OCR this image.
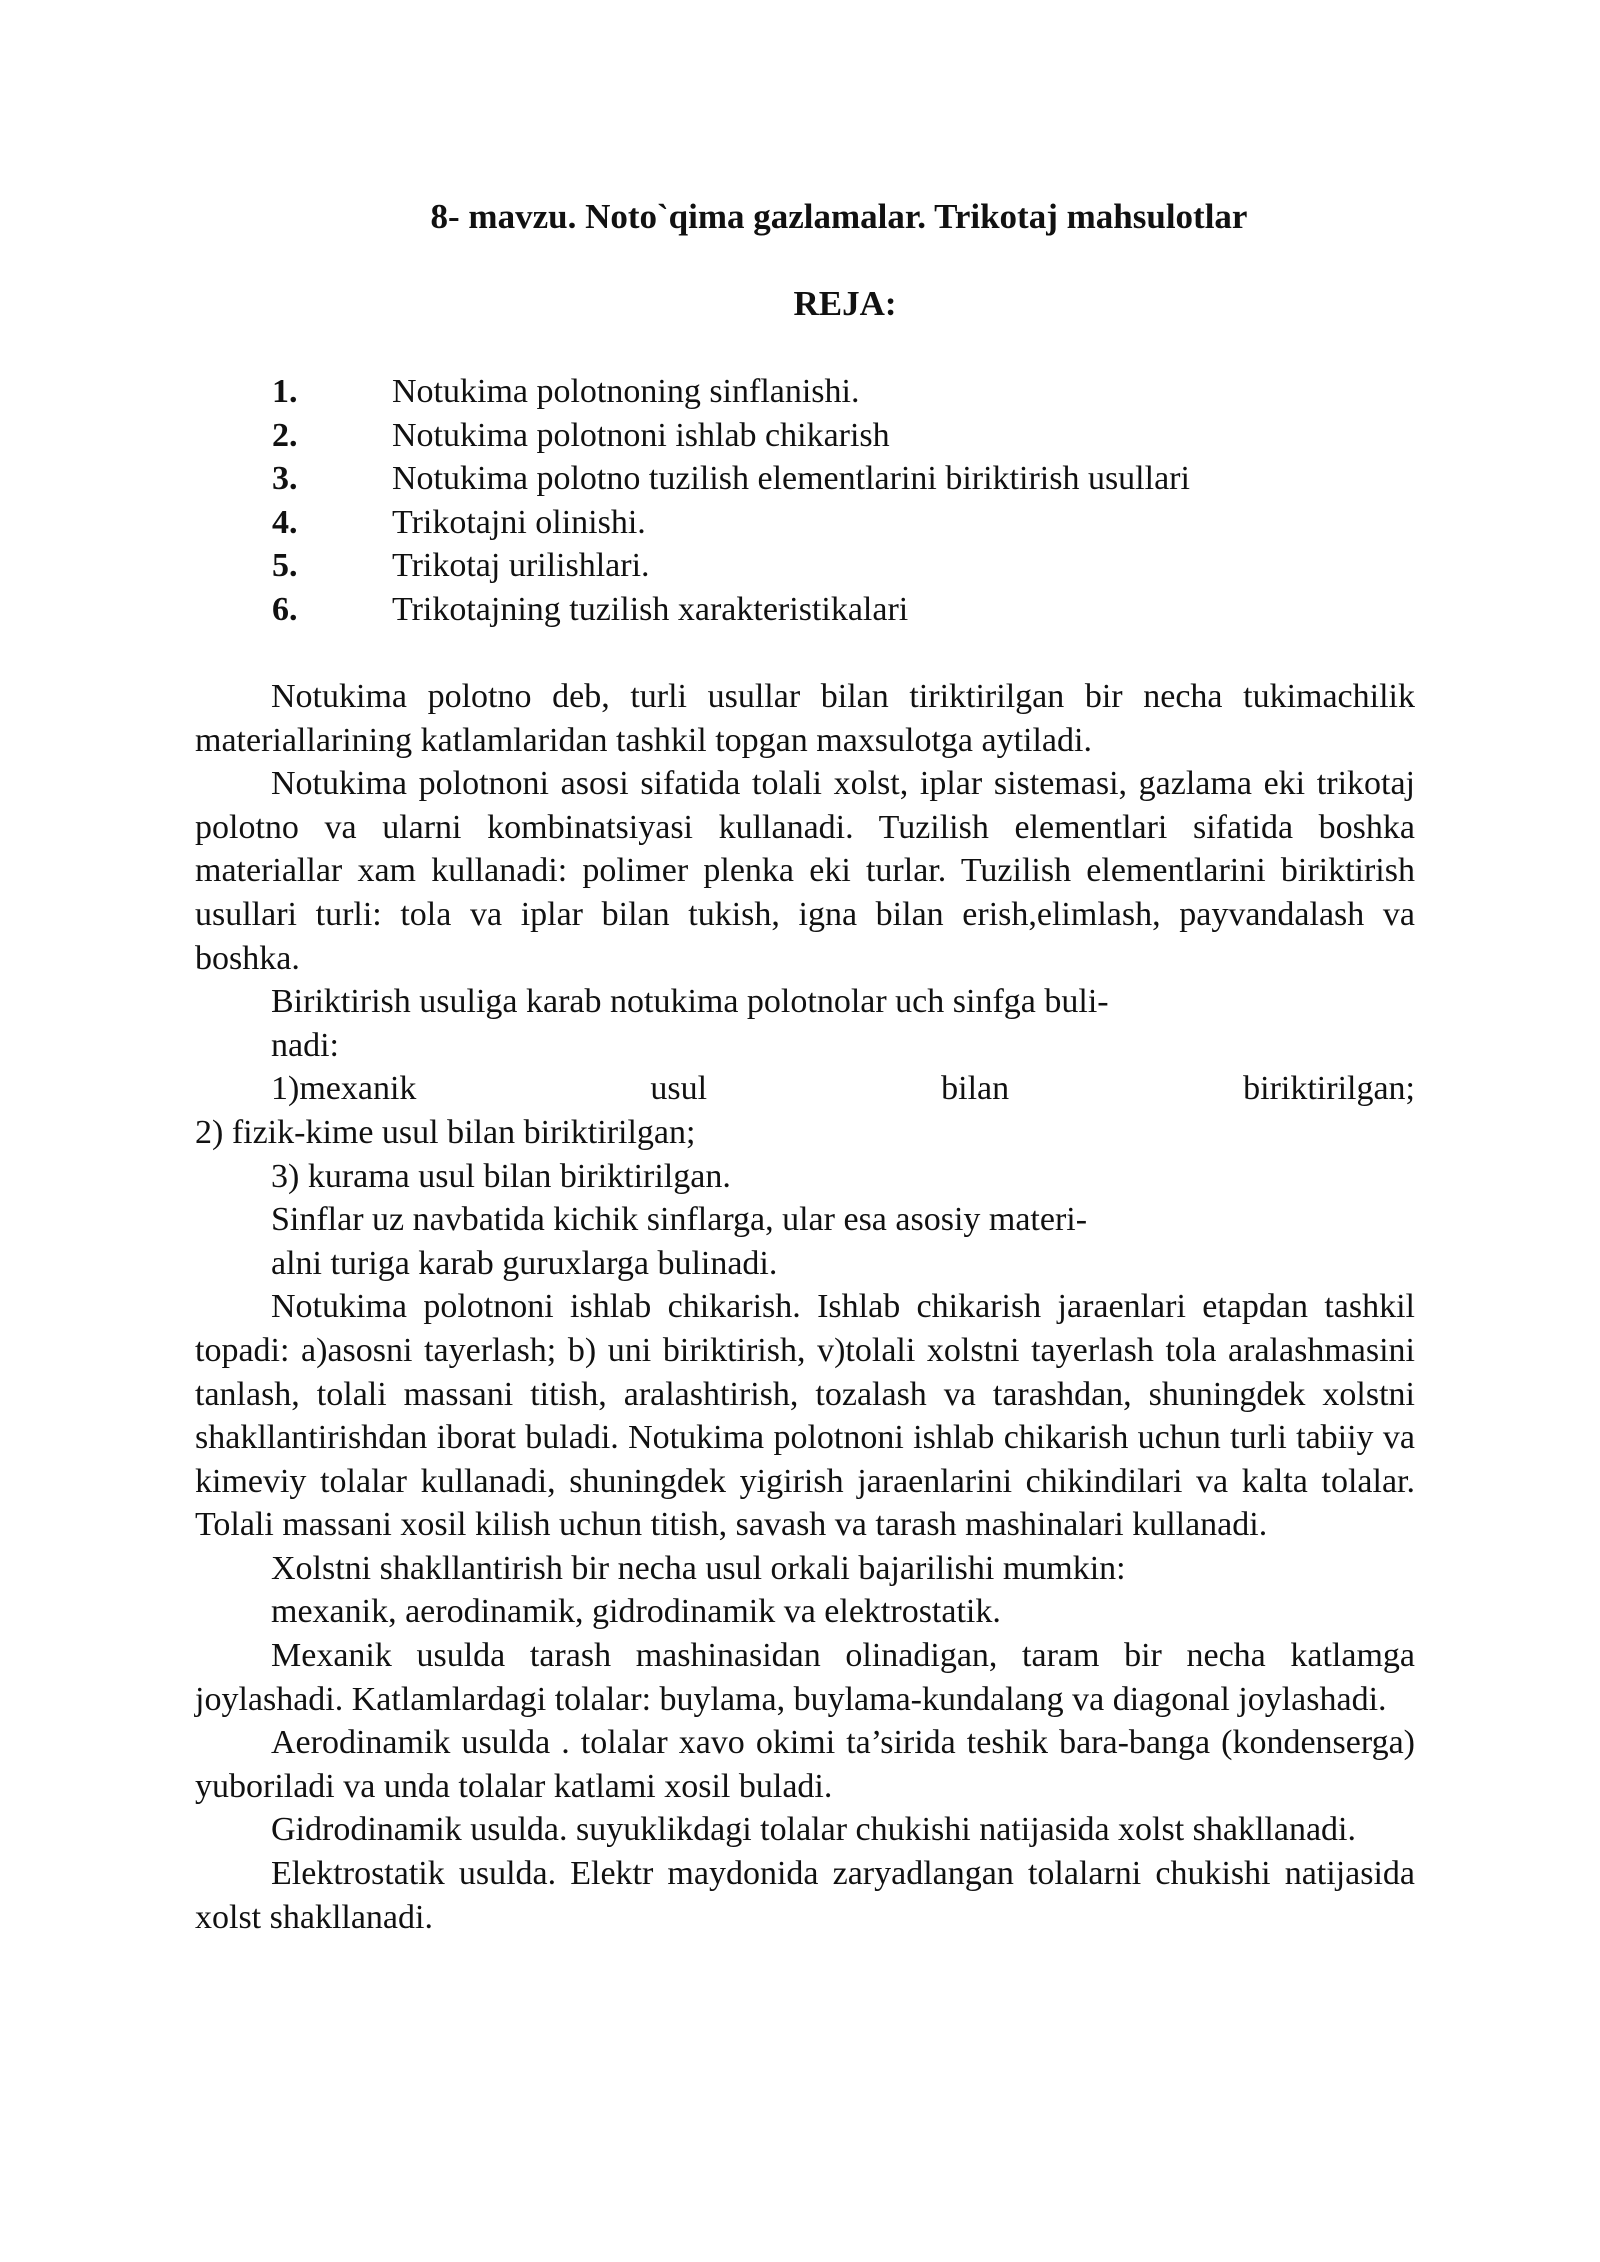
8- mavzu. Noto`qima gazlamalar. Trikotaj mahsulotlar
REJA:
1.	Notukima polotnoning sinflanishi.
2.	Notukima polotnoni ishlab chikarish
3.	Notukima polotno tuzilish elementlarini biriktirish usullari
4.	Trikotajni olinishi.
5.	Trikotaj urilishlari.
6.	Trikotajning tuzilish xarakteristikalari

Notukima polotno deb, turli usullar bilan tiriktirilgan bir necha tukimachilik materiallarining katlamlaridan tashkil topgan maxsulotga aytiladi.

Notukima polotnoni asosi sifatida tolali xolst, iplar sistemasi, gazlama eki trikotaj polotno va ularni kombinatsiyasi kullanadi. Tuzilish elementlari sifatida boshka materiallar xam kullanadi: polimer plenka eki turlar. Tuzilish elementlarini biriktirish usullari turli: tola va iplar bilan tukish, igna bilan erish,elimlash, payvandalash va boshka.

Biriktirish usuliga karab notukima polotnolar uch sinfga buli-

nadi:

1)mexanik usul bilan biriktirilgan;

2) fizik-kime usul bilan biriktirilgan;

3) kurama usul bilan biriktirilgan.

Sinflar uz navbatida kichik sinflarga, ular esa asosiy materi-

alni turiga karab guruxlarga bulinadi.

Notukima polotnoni ishlab chikarish. Ishlab chikarish jaraenlari etapdan tashkil topadi: a)asosni tayerlash; b) uni biriktirish, v)tolali xolstni tayerlash tola aralashmasini tanlash, tolali massani titish, aralashtirish, tozalash va tarashdan, shuningdek xolstni shakllantirishdan iborat buladi. Notukima polotnoni ishlab chikarish uchun turli tabiiy va kimeviy tolalar kullanadi, shuningdek yigirish jaraenlarini chikindilari va kalta tolalar. Tolali massani xosil kilish uchun titish, savash va tarash mashinalari kullanadi.

Xolstni shakllantirish bir necha usul orkali bajarilishi mumkin:

mexanik, aerodinamik, gidrodinamik va elektrostatik.

Mexanik usulda tarash mashinasidan olinadigan, taram bir necha katlamga joylashadi. Katlamlardagi tolalar: buylama, buylama-kundalang va diagonal joylashadi.

Aerodinamik usulda . tolalar xavo okimi ta’sirida teshik bara-banga (kondenserga) yuboriladi va unda tolalar katlami xosil buladi.

Gidrodinamik usulda. suyuklikdagi tolalar chukishi natijasida xolst shakllanadi.

Elektrostatik usulda. Elektr maydonida zaryadlangan tolalarni chukishi natijasida xolst shakllanadi.
